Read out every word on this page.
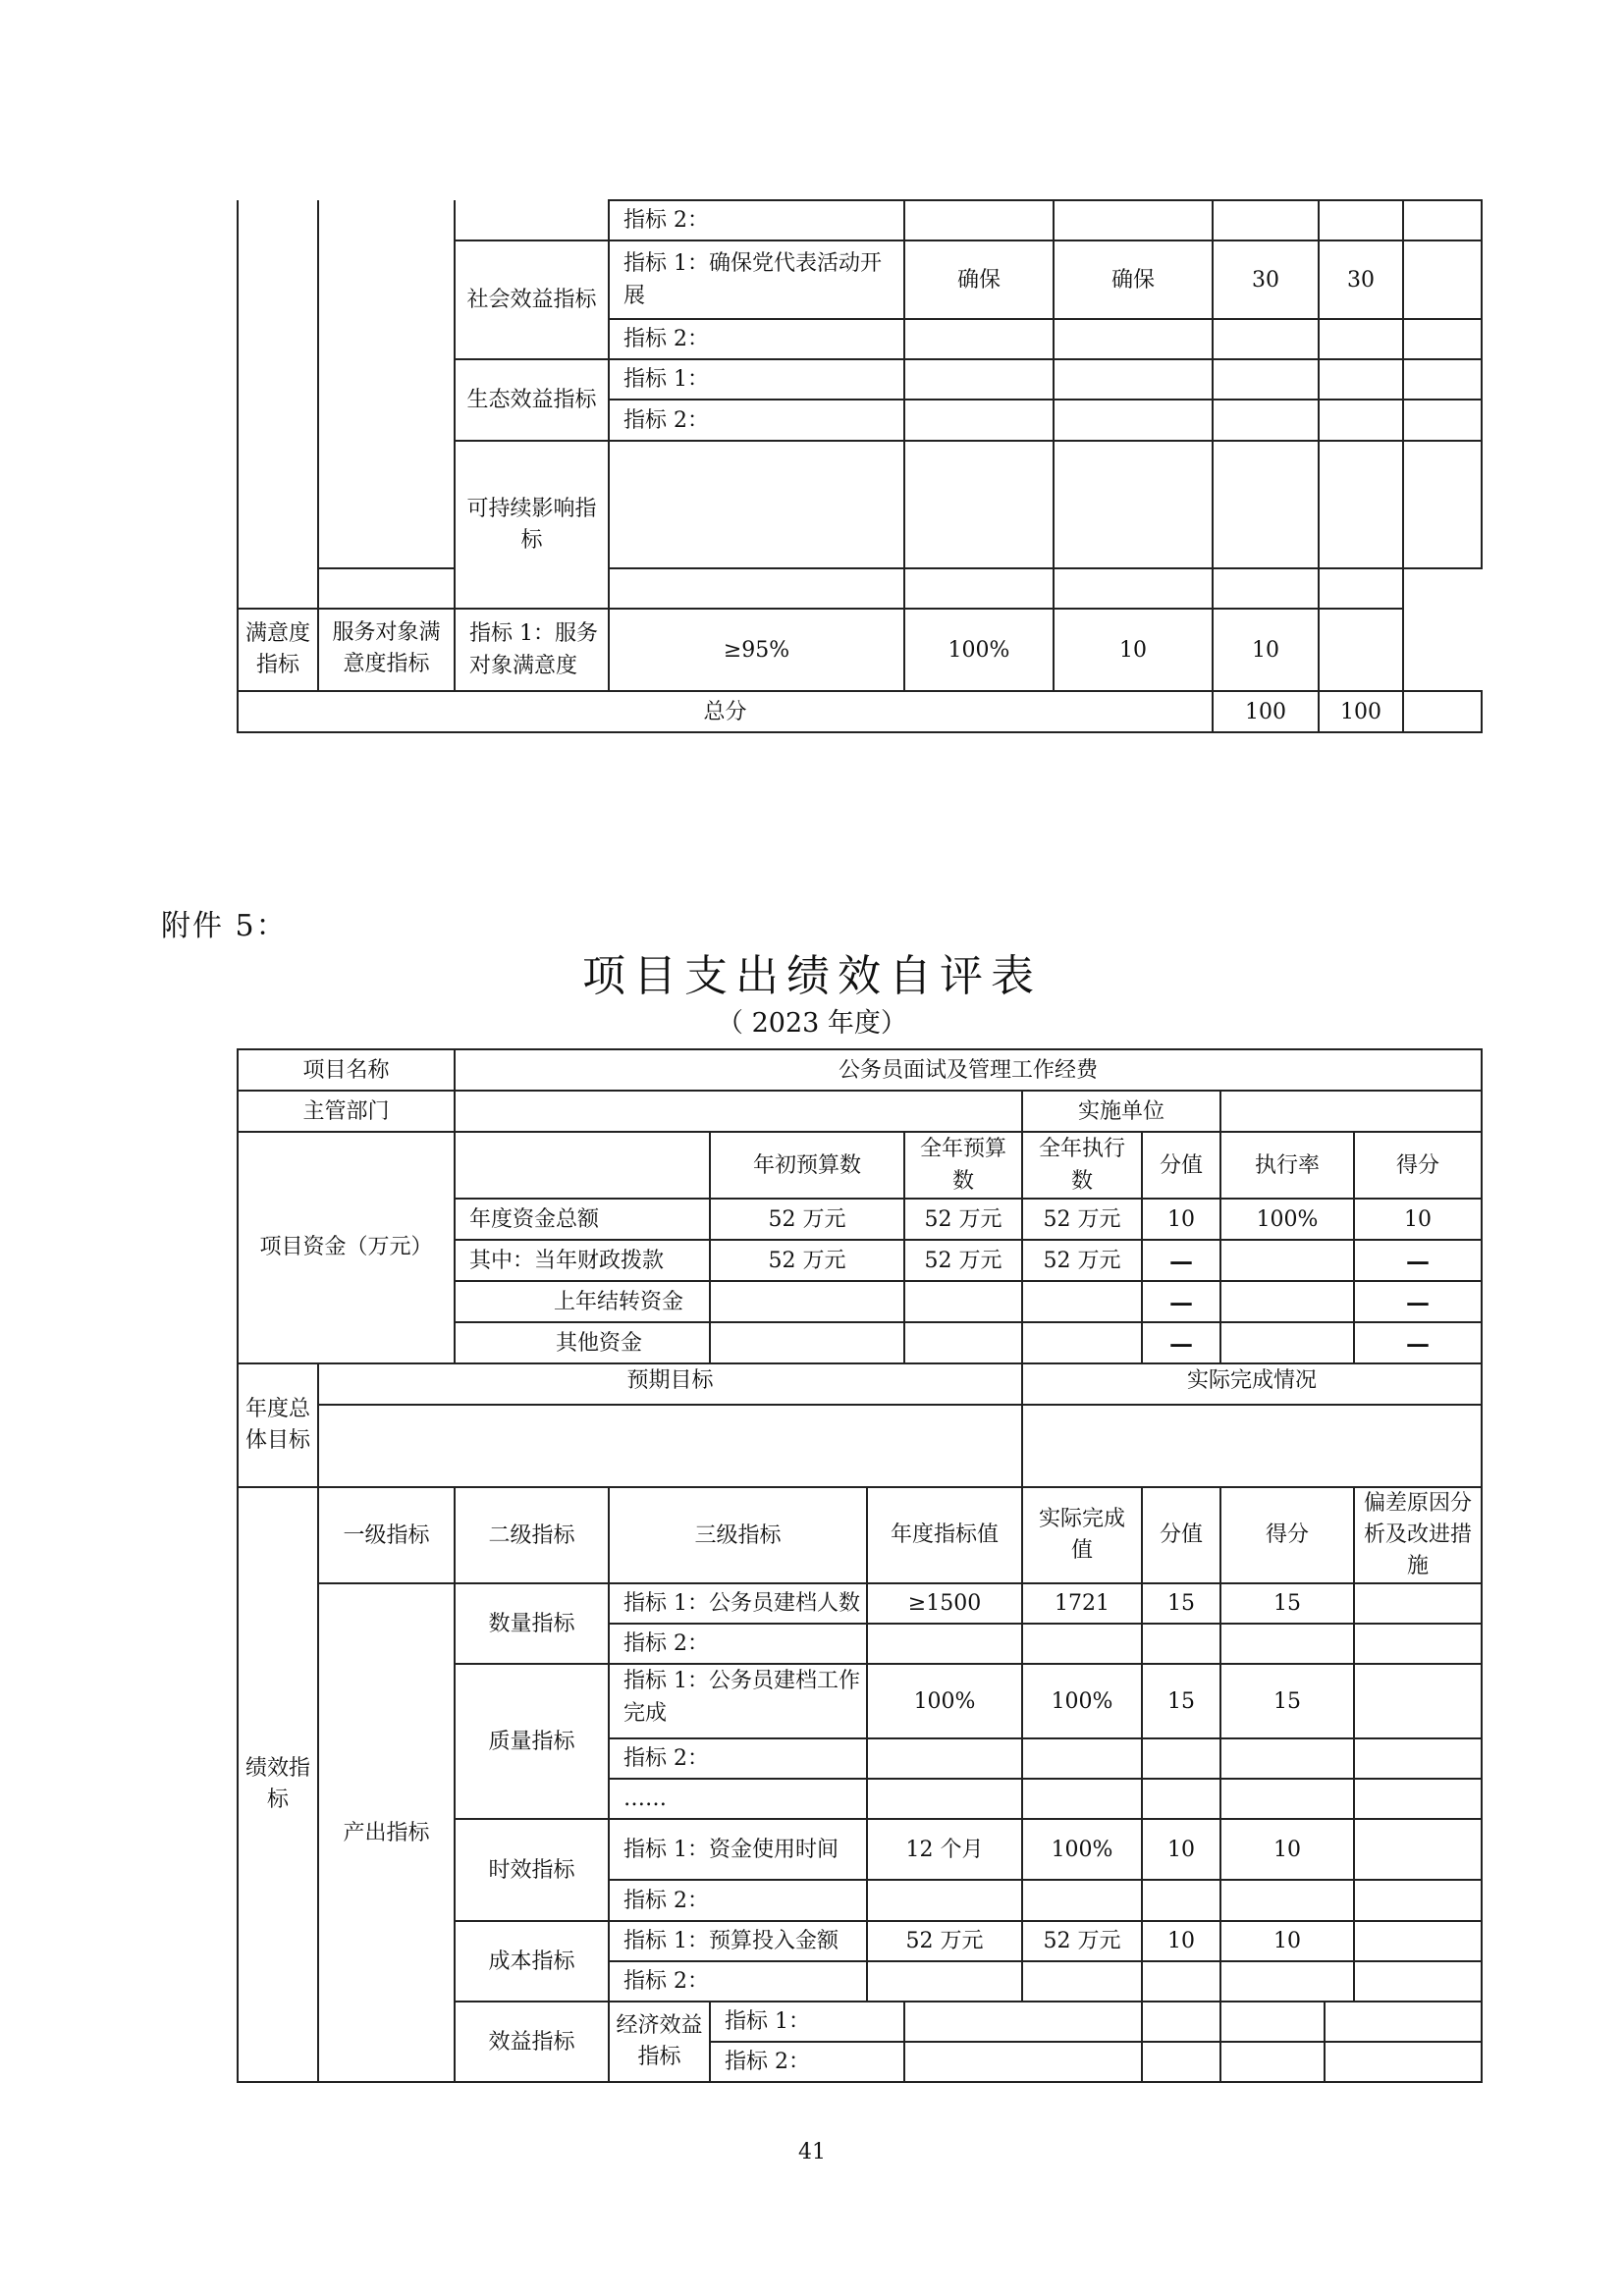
			指标 2：					

		社会效益指标	指标 1：确保党代表活动开展	确保	确保	30	30	
			指标 2：					

		生态效益指标	指标 1：					
			指标 2：					

		可持续影响指标						

满意度指标	服务对象满意度指标	指标 1：服务对象满意度	≥95%	100%	10	10		
总分						100	100	
附件 5：
项目支出绩效自评表
（ 2023 年度）
项目名称		公务员面试及管理工作经费										
主管部门							实施单位					

项目资金（万元）				年初预算数		全年预算数	全年执行数	分值	执行率		得分	
		年度资金总额		52 万元		52 万元	52 万元	10	100%		10	
		其中：当年财政拨款		52 万元		52 万元	52 万元	—			—	
		上年结转资金						—			—	
		其他资金						—			—	

年度总体目标	预期目标						实际完成情况					

绩效指标	一级指标	二级指标	三级指标		年度指标值		实际完成值	分值	得分		偏差原因分析及改进措施	

	产出指标	数量指标	指标 1：公务员建档人数		≥1500		1721	15	15			
			指标 2：									
		质量指标	指标 1：公务员建档工作完成		100%		100%	15	15			
			指标 2：									
			……									
		时效指标	指标 1：资金使用时间		12 个月		100%	10	10			
			指标 2：									
		成本指标	指标 1：预算投入金额		52 万元		52 万元	10	10			
			指标 2：									
		效益指标	经济效益指标	指标 1：								
				指标 2：								
41
